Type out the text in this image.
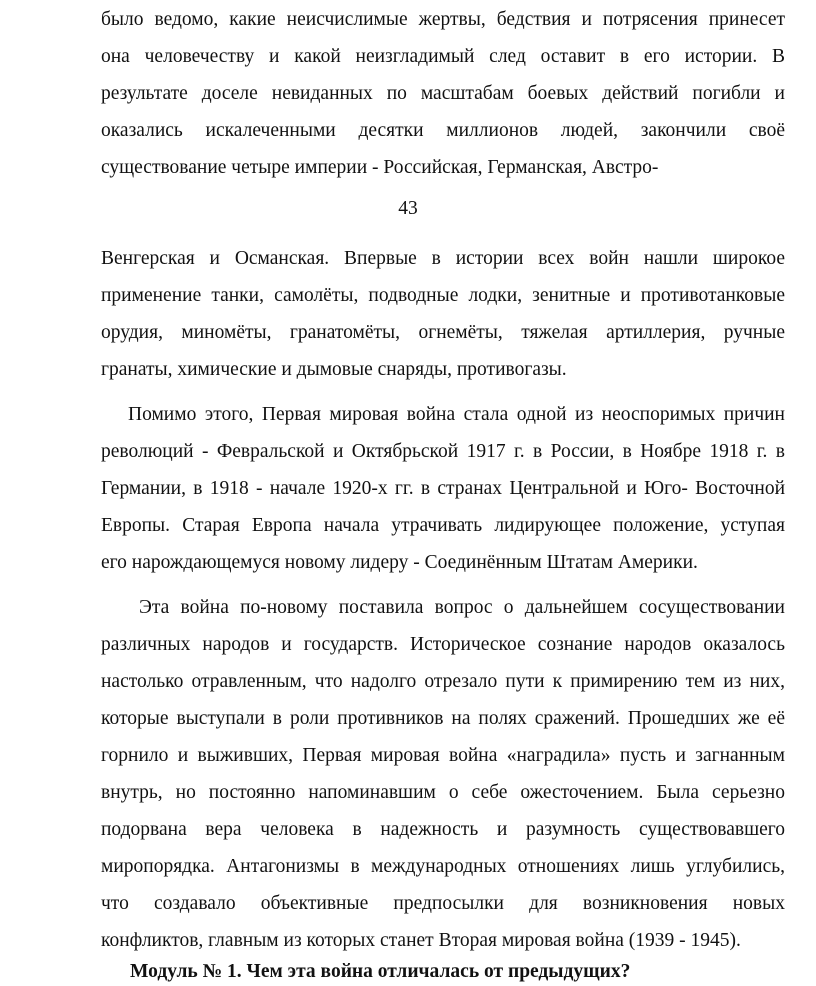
было ведомо, какие неисчислимые жертвы, бедствия и потрясения принесет
она человечеству и какой неизгладимый след оставит в его истории. В
результате доселе невиданных по масштабам боевых действий погибли и
оказались искалеченными десятки миллионов людей, закончили своё
существование четыре империи - Российская, Германская, Австро-
43
Венгерская и Османская. Впервые в истории всех войн нашли широкое
применение танки, самолёты, подводные лодки, зенитные и противотанковые
орудия, миномёты, гранатомёты, огнемёты, тяжелая артиллерия, ручные
гранаты, химические и дымовые снаряды, противогазы.
Помимо этого, Первая мировая война стала одной из неоспоримых причин
революций - Февральской и Октябрьской 1917 г. в России, в Ноябре 1918 г. в
Германии, в 1918 - начале 1920-х гг. в странах Центральной и Юго- Восточной
Европы. Старая Европа начала утрачивать лидирующее положение, уступая
его нарождающемуся новому лидеру - Соединённым Штатам Америки.
Эта война по-новому поставила вопрос о дальнейшем сосуществовании
различных народов и государств. Историческое сознание народов оказалось
настолько отравленным, что надолго отрезало пути к примирению тем из них,
которые выступали в роли противников на полях сражений. Прошедших же её
горнило и выживших, Первая мировая война «наградила» пусть и загнанным
внутрь, но постоянно напоминавшим о себе ожесточением. Была серьезно
подорвана вера человека в надежность и разумность существовавшего
миропорядка. Антагонизмы в международных отношениях лишь углубились,
что создавало объективные предпосылки для возникновения новых
конфликтов, главным из которых станет Вторая мировая война (1939 - 1945).
Модуль № 1. Чем эта война отличалась от предыдущих?
